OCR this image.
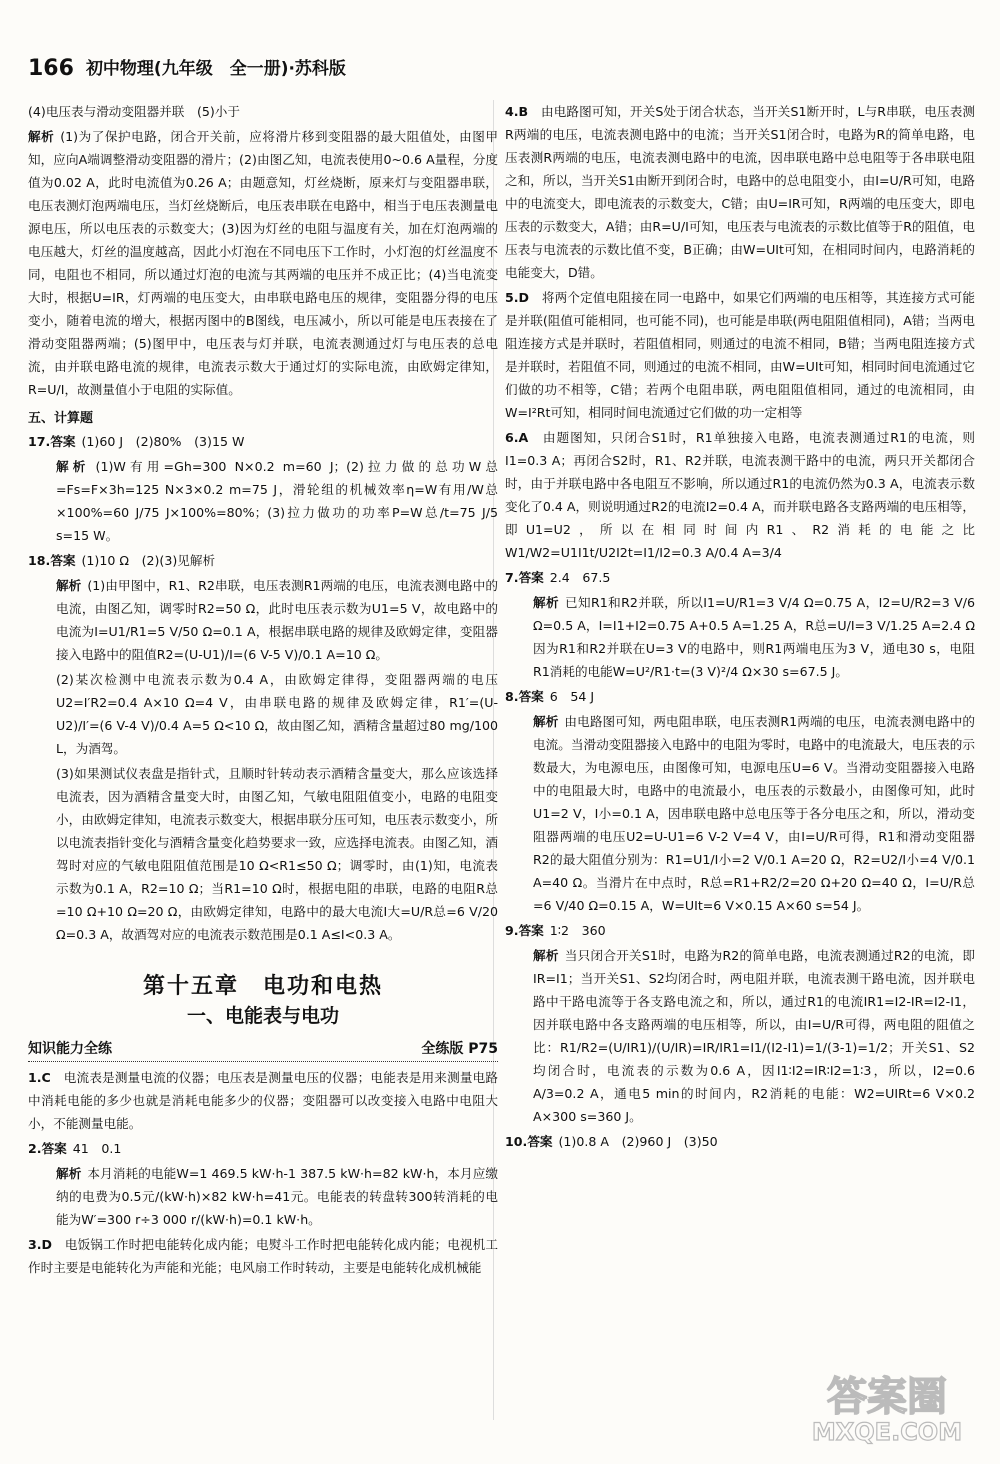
166 初中物理(九年级　全一册)·苏科版

(4)电压表与滑动变阻器并联　(5)小于

解析 (1)为了保护电路，闭合开关前，应将滑片移到变阻器的最大阻值处，由图甲知，应向A端调整滑动变阻器的滑片；(2)由图乙知，电流表使用0~0.6 A量程，分度值为0.02 A，此时电流值为0.26 A；由题意知，灯丝烧断，原来灯与变阻器串联，电压表测灯泡两端电压，当灯丝烧断后，电压表串联在电路中，相当于电压表测量电源电压，所以电压表的示数变大；(3)因为灯丝的电阻与温度有关，加在灯泡两端的电压越大，灯丝的温度越高，因此小灯泡在不同电压下工作时，小灯泡的灯丝温度不同，电阻也不相同，所以通过灯泡的电流与其两端的电压并不成正比；(4)当电流变大时，根据U=IR，灯两端的电压变大，由串联电路电压的规律，变阻器分得的电压变小，随着电流的增大，根据丙图中的B图线，电压减小，所以可能是电压表接在了滑动变阻器两端；(5)图甲中，电压表与灯并联，电流表测通过灯与电压表的总电流，由并联电路电流的规律，电流表示数大于通过灯的实际电流，由欧姆定律知，R=U/I，故测量值小于电阻的实际值。

五、计算题

17.答案 (1)60 J　(2)80%　(3)15 W

解析 (1)W有用=Gh=300 N×0.2 m=60 J；(2)拉力做的总功W总=Fs=F×3h=125 N×3×0.2 m=75 J，滑轮组的机械效率η=W有用/W总×100%=60 J/75 J×100%=80%；(3)拉力做功的功率P=W总/t=75 J/5 s=15 W。

18.答案 (1)10 Ω　(2)(3)见解析

解析 (1)由甲图中，R1、R2串联，电压表测R1两端的电压，电流表测电路中的电流，由图乙知，调零时R2=50 Ω，此时电压表示数为U1=5 V，故电路中的电流为I=U1/R1=5 V/50 Ω=0.1 A，根据串联电路的规律及欧姆定律，变阻器接入电路中的阻值R2=(U-U1)/I=(6 V-5 V)/0.1 A=10 Ω。

(2)某次检测中电流表示数为0.4 A，由欧姆定律得，变阻器两端的电压U2=I′R2=0.4 A×10 Ω=4 V，由串联电路的规律及欧姆定律，R1′=(U-U2)/I′=(6 V-4 V)/0.4 A=5 Ω<10 Ω，故由图乙知，酒精含量超过80 mg/100 L，为酒驾。

(3)如果测试仪表盘是指针式，且顺时针转动表示酒精含量变大，那么应该选择电流表，因为酒精含量变大时，由图乙知，气敏电阻阻值变小，电路的电阻变小，由欧姆定律知，电流表示数变大，根据串联分压可知，电压表示数变小，所以电流表指针变化与酒精含量变化趋势要求一致，应选择电流表。由图乙知，酒驾时对应的气敏电阻阻值范围是10 Ω<R1≤50 Ω；调零时，由(1)知，电流表示数为0.1 A，R2=10 Ω；当R1=10 Ω时，根据电阻的串联，电路的电阻R总=10 Ω+10 Ω=20 Ω，由欧姆定律知，电路中的最大电流I大=U/R总=6 V/20 Ω=0.3 A，故酒驾对应的电流表示数范围是0.1 A≤I<0.3 A。

第十五章　电功和电热
一、电能表与电功
知识能力全练	全练版 P75

1.C　 电流表是测量电流的仪器；电压表是测量电压的仪器；电能表是用来测量电路中消耗电能的多少也就是消耗电能多少的仪器；变阻器可以改变接入电路中电阻大小，不能测量电能。

2.答案 41　0.1

解析 本月消耗的电能W=1 469.5 kW·h-1 387.5 kW·h=82 kW·h，本月应缴纳的电费为0.5元/(kW·h)×82 kW·h=41元。电能表的转盘转300转消耗的电能为W′=300 r÷3 000 r/(kW·h)=0.1 kW·h。

3.D　 电饭锅工作时把电能转化成内能；电熨斗工作时把电能转化成内能；电视机工作时主要是电能转化为声能和光能；电风扇工作时转动，主要是电能转化成机械能

4.B　 由电路图可知，开关S处于闭合状态，当开关S1断开时，L与R串联，电压表测R两端的电压，电流表测电路中的电流；当开关S1闭合时，电路为R的简单电路，电压表测R两端的电压，电流表测电路中的电流，因串联电路中总电阻等于各串联电阻之和，所以，当开关S1由断开到闭合时，电路中的总电阻变小，由I=U/R可知，电路中的电流变大，即电流表的示数变大，C错；由U=IR可知，R两端的电压变大，即电压表的示数变大，A错；由R=U/I可知，电压表与电流表的示数比值等于R的阻值，电压表与电流表的示数比值不变，B正确；由W=UIt可知，在相同时间内，电路消耗的电能变大，D错。

5.D　 将两个定值电阻接在同一电路中，如果它们两端的电压相等，其连接方式可能是并联(阻值可能相同，也可能不同)，也可能是串联(两电阻阻值相同)，A错；当两电阻连接方式是并联时，若阻值相同，则通过的电流不相同，B错；当两电阻连接方式是并联时，若阻值不同，则通过的电流不相同，由W=UIt可知，相同时间电流通过它们做的功不相等，C错；若两个电阻串联，两电阻阻值相同，通过的电流相同，由W=I²Rt可知，相同时间电流通过它们做的功一定相等

6.A　 由题图知，只闭合S1时，R1单独接入电路，电流表测通过R1的电流，则I1=0.3 A；再闭合S2时，R1、R2并联，电流表测干路中的电流，两只开关都闭合时，由于并联电路中各电阻互不影响，所以通过R1的电流仍然为0.3 A，电流表示数变化了0.4 A，则说明通过R2的电流I2=0.4 A，而并联电路各支路两端的电压相等，即U1=U2，所以在相同时间内R1、R2消耗的电能之比W1/W2=U1I1t/U2I2t=I1/I2=0.3 A/0.4 A=3/4

7.答案 2.4　67.5

解析 已知R1和R2并联，所以I1=U/R1=3 V/4 Ω=0.75 A，I2=U/R2=3 V/6 Ω=0.5 A，I=I1+I2=0.75 A+0.5 A=1.25 A，R总=U/I=3 V/1.25 A=2.4 Ω　因为R1和R2并联在U=3 V的电路中，则R1两端电压为3 V，通电30 s，电阻R1消耗的电能W=U²/R1·t=(3 V)²/4 Ω×30 s=67.5 J。

8.答案 6　54 J

解析 由电路图可知，两电阻串联，电压表测R1两端的电压，电流表测电路中的电流。当滑动变阻器接入电路中的电阻为零时，电路中的电流最大，电压表的示数最大，为电源电压，由图像可知，电源电压U=6 V。当滑动变阻器接入电路中的电阻最大时，电路中的电流最小，电压表的示数最小，由图像可知，此时U1=2 V，I小=0.1 A，因串联电路中总电压等于各分电压之和，所以，滑动变阻器两端的电压U2=U-U1=6 V-2 V=4 V，由I=U/R可得，R1和滑动变阻器R2的最大阻值分别为：R1=U1/I小=2 V/0.1 A=20 Ω，R2=U2/I小=4 V/0.1 A=40 Ω。当滑片在中点时，R总=R1+R2/2=20 Ω+20 Ω=40 Ω，I=U/R总=6 V/40 Ω=0.15 A，W=UIt=6 V×0.15 A×60 s=54 J。

9.答案 1∶2　360

解析 当只闭合开关S1时，电路为R2的简单电路，电流表测通过R2的电流，即IR=I1；当开关S1、S2均闭合时，两电阻并联，电流表测干路电流，因并联电路中干路电流等于各支路电流之和，所以，通过R1的电流IR1=I2-IR=I2-I1，因并联电路中各支路两端的电压相等，所以，由I=U/R可得，两电阻的阻值之比：R1/R2=(U/IR1)/(U/IR)=IR/IR1=I1/(I2-I1)=1/(3-1)=1/2；开关S1、S2均闭合时，电流表的示数为0.6 A，因I1∶I2=IR∶I2=1∶3，所以，I2=0.6 A/3=0.2 A，通电5 min的时间内，R2消耗的电能：W2=UIRt=6 V×0.2 A×300 s=360 J。

10.答案 (1)0.8 A　(2)960 J　(3)50

答案圈
MXQE.COM
